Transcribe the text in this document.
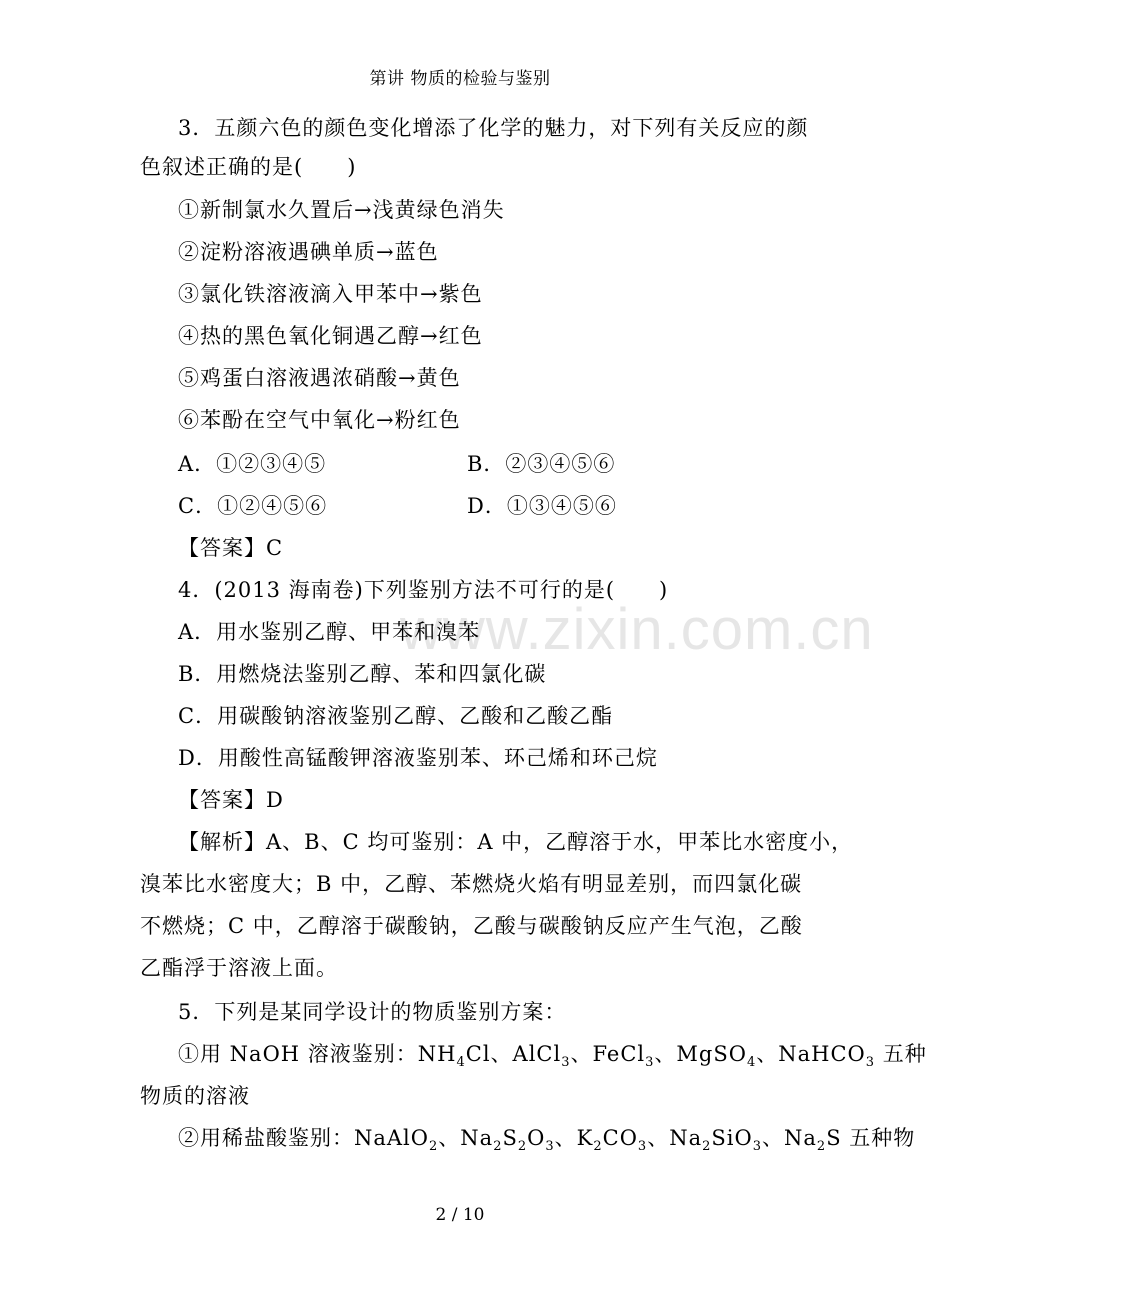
第讲 物质的检验与鉴别
www.zixin.com.cn
3．五颜六色的颜色变化增添了化学的魅力，对下列有关反应的颜
色叙述正确的是(　　)
①新制氯水久置后→浅黄绿色消失
②淀粉溶液遇碘单质→蓝色
③氯化铁溶液滴入甲苯中→紫色
④热的黑色氧化铜遇乙醇→红色
⑤鸡蛋白溶液遇浓硝酸→黄色
⑥苯酚在空气中氧化→粉红色
A．①②③④⑤	B．②③④⑤⑥
C．①②④⑤⑥	D．①③④⑤⑥
【答案】C
4．(2013 海南卷)下列鉴别方法不可行的是(　　)
A．用水鉴别乙醇、甲苯和溴苯
B．用燃烧法鉴别乙醇、苯和四氯化碳
C．用碳酸钠溶液鉴别乙醇、乙酸和乙酸乙酯
D．用酸性高锰酸钾溶液鉴别苯、环己烯和环己烷
【答案】D
【解析】A、B、C 均可鉴别：A 中，乙醇溶于水，甲苯比水密度小，
溴苯比水密度大；B 中，乙醇、苯燃烧火焰有明显差别，而四氯化碳
不燃烧；C 中，乙醇溶于碳酸钠，乙酸与碳酸钠反应产生气泡，乙酸
乙酯浮于溶液上面。
5．下列是某同学设计的物质鉴别方案：
①用 NaOH 溶液鉴别：$NH_4Cl$、AlCl$_3$、FeCl$_3$、MgSO$_4$、NaHCO$_3$ 五种
物质的溶液
②用稀盐酸鉴别：NaAlO$_2$、$Na_2S_2O_3$、$K_2CO_3$、$Na_2SiO_3$、$Na_2S$ 五种物
2 / 10
